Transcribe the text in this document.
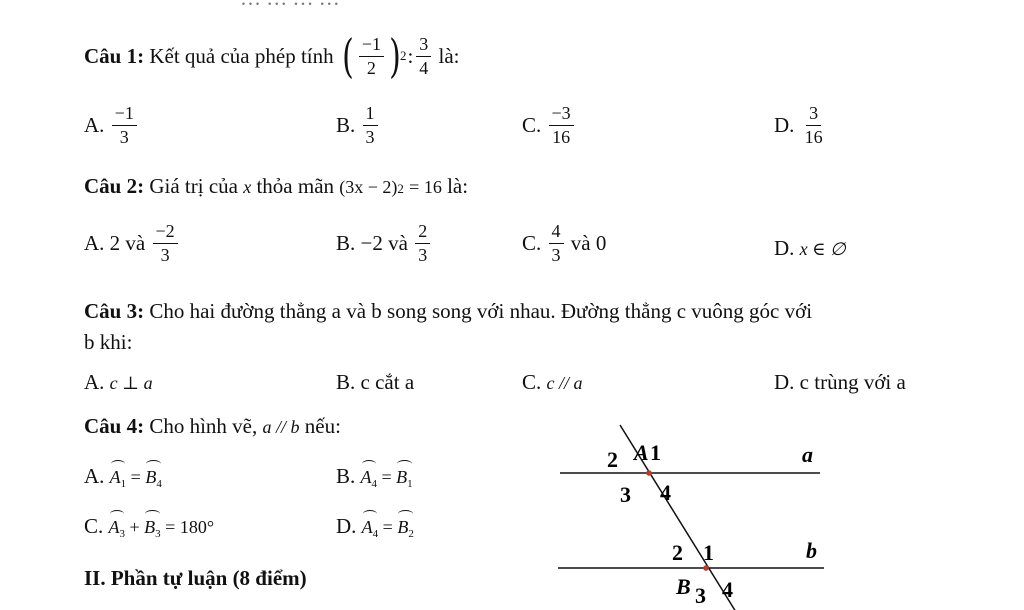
Câu 1:
Kết quả của phép tính
( $\frac{-1}{2}$ ) 2 : $\frac{3}{4}$
là:
A.
$\frac{-1}{3}$	B.
$\frac{1}{3}$	C.
$\frac{-3}{16}$	D.
$\frac{3}{16}$
Câu 2:
Giá trị của
x
thỏa mãn
(3x − 2) 2
= 16
là:
A.
2 và
$\frac{-2}{3}$	B.
−2 và
$\frac{2}{3}$	C.
$\frac{4}{3}$
và 0	D.
x ∈ ∅
Câu 3: Cho hai đường thẳng a và b song song với nhau. Đường thẳng c vuông góc với
b khi:
A. c ⊥ a	B. c cắt a	C. c // a	D. c trùng với a
Câu 4: Cho hình vẽ, a // b nếu:
A. $A_1 = B_4$	B. $A_4 = B_1$
C. $A_3 + B_3 = 180^\circ$	D. $A_4 = B_2$
II. Phần tự luận (8 điểm)
a
b
2 A 1
3 4
2 1
B 3 4
